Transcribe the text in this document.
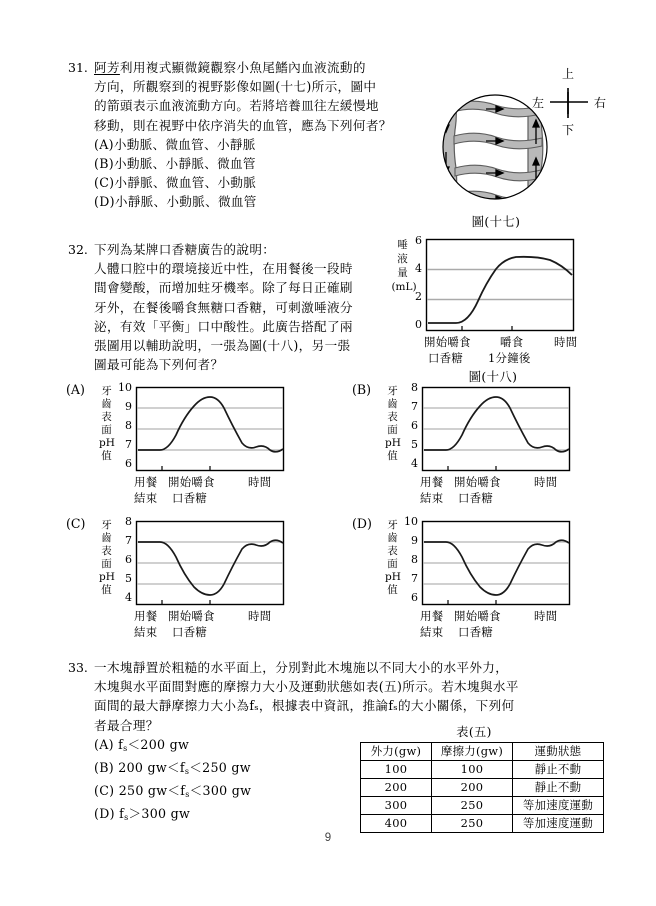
31. 阿芳利用複式顯微鏡觀察小魚尾鰭內血液流動的
方向，所觀察到的視野影像如圖(十七)所示，圖中
的箭頭表示血液流動方向。若將培養皿往左緩慢地
移動，則在視野中依序消失的血管，應為下列何者？
(A)小動脈、微血管、小靜脈
(B)小動脈、小靜脈、微血管
(C)小靜脈、微血管、小動脈
(D)小靜脈、小動脈、微血管
上
下
左	右
圖(十七)
32. 下列為某牌口香糖廣告的說明：
人體口腔中的環境接近中性，在用餐後一段時
間會變酸，而增加蛀牙機率。除了每日正確刷
牙外，在餐後嚼食無糖口香糖，可刺激唾液分
泌，有效「平衡」口中酸性。此廣告搭配了兩
張圖用以輔助說明，一張為圖(十八)，另一張
圖最可能為下列何者？
唾
液
量
(mL)
6
4
2
0
開始嚼食
口香糖
嚼食
1分鐘後
時間
圖(十八)
(A) 牙
齒
表
面
pH
值
10
9
8
7
6
用餐
結束
開始嚼食
口香糖
時間
(B) 牙
齒
表
面
pH
值
8
7
6
5
4
用餐
結束
開始嚼食
口香糖
時間
(C) 牙
齒
表
面
pH
值
8
7
6
5
4
用餐
結束
開始嚼食
口香糖
時間
(D) 牙
齒
表
面
pH
值
10
9
8
7
6
用餐
結束
開始嚼食
口香糖
時間
33. 一木塊靜置於粗糙的水平面上，分別對此木塊施以不同大小的水平外力，
木塊與水平面間對應的摩擦力大小及運動狀態如表(五)所示。若木塊與水平
面間的最大靜摩擦力大小為fₛ，根據表中資訊，推論fₛ的大小關係，下列何
者最合理？
(A) $f_s<200$ gw
(B) 200 $gw<f_s<250$ gw
(C) 250 $gw<f_s<300$ gw
(D) $f_s>300$ gw
表(五)
外力(gw)	摩擦力(gw)	運動狀態
100	100	靜止不動
200	200	靜止不動
300	250	等加速度運動
400	250	等加速度運動
9
